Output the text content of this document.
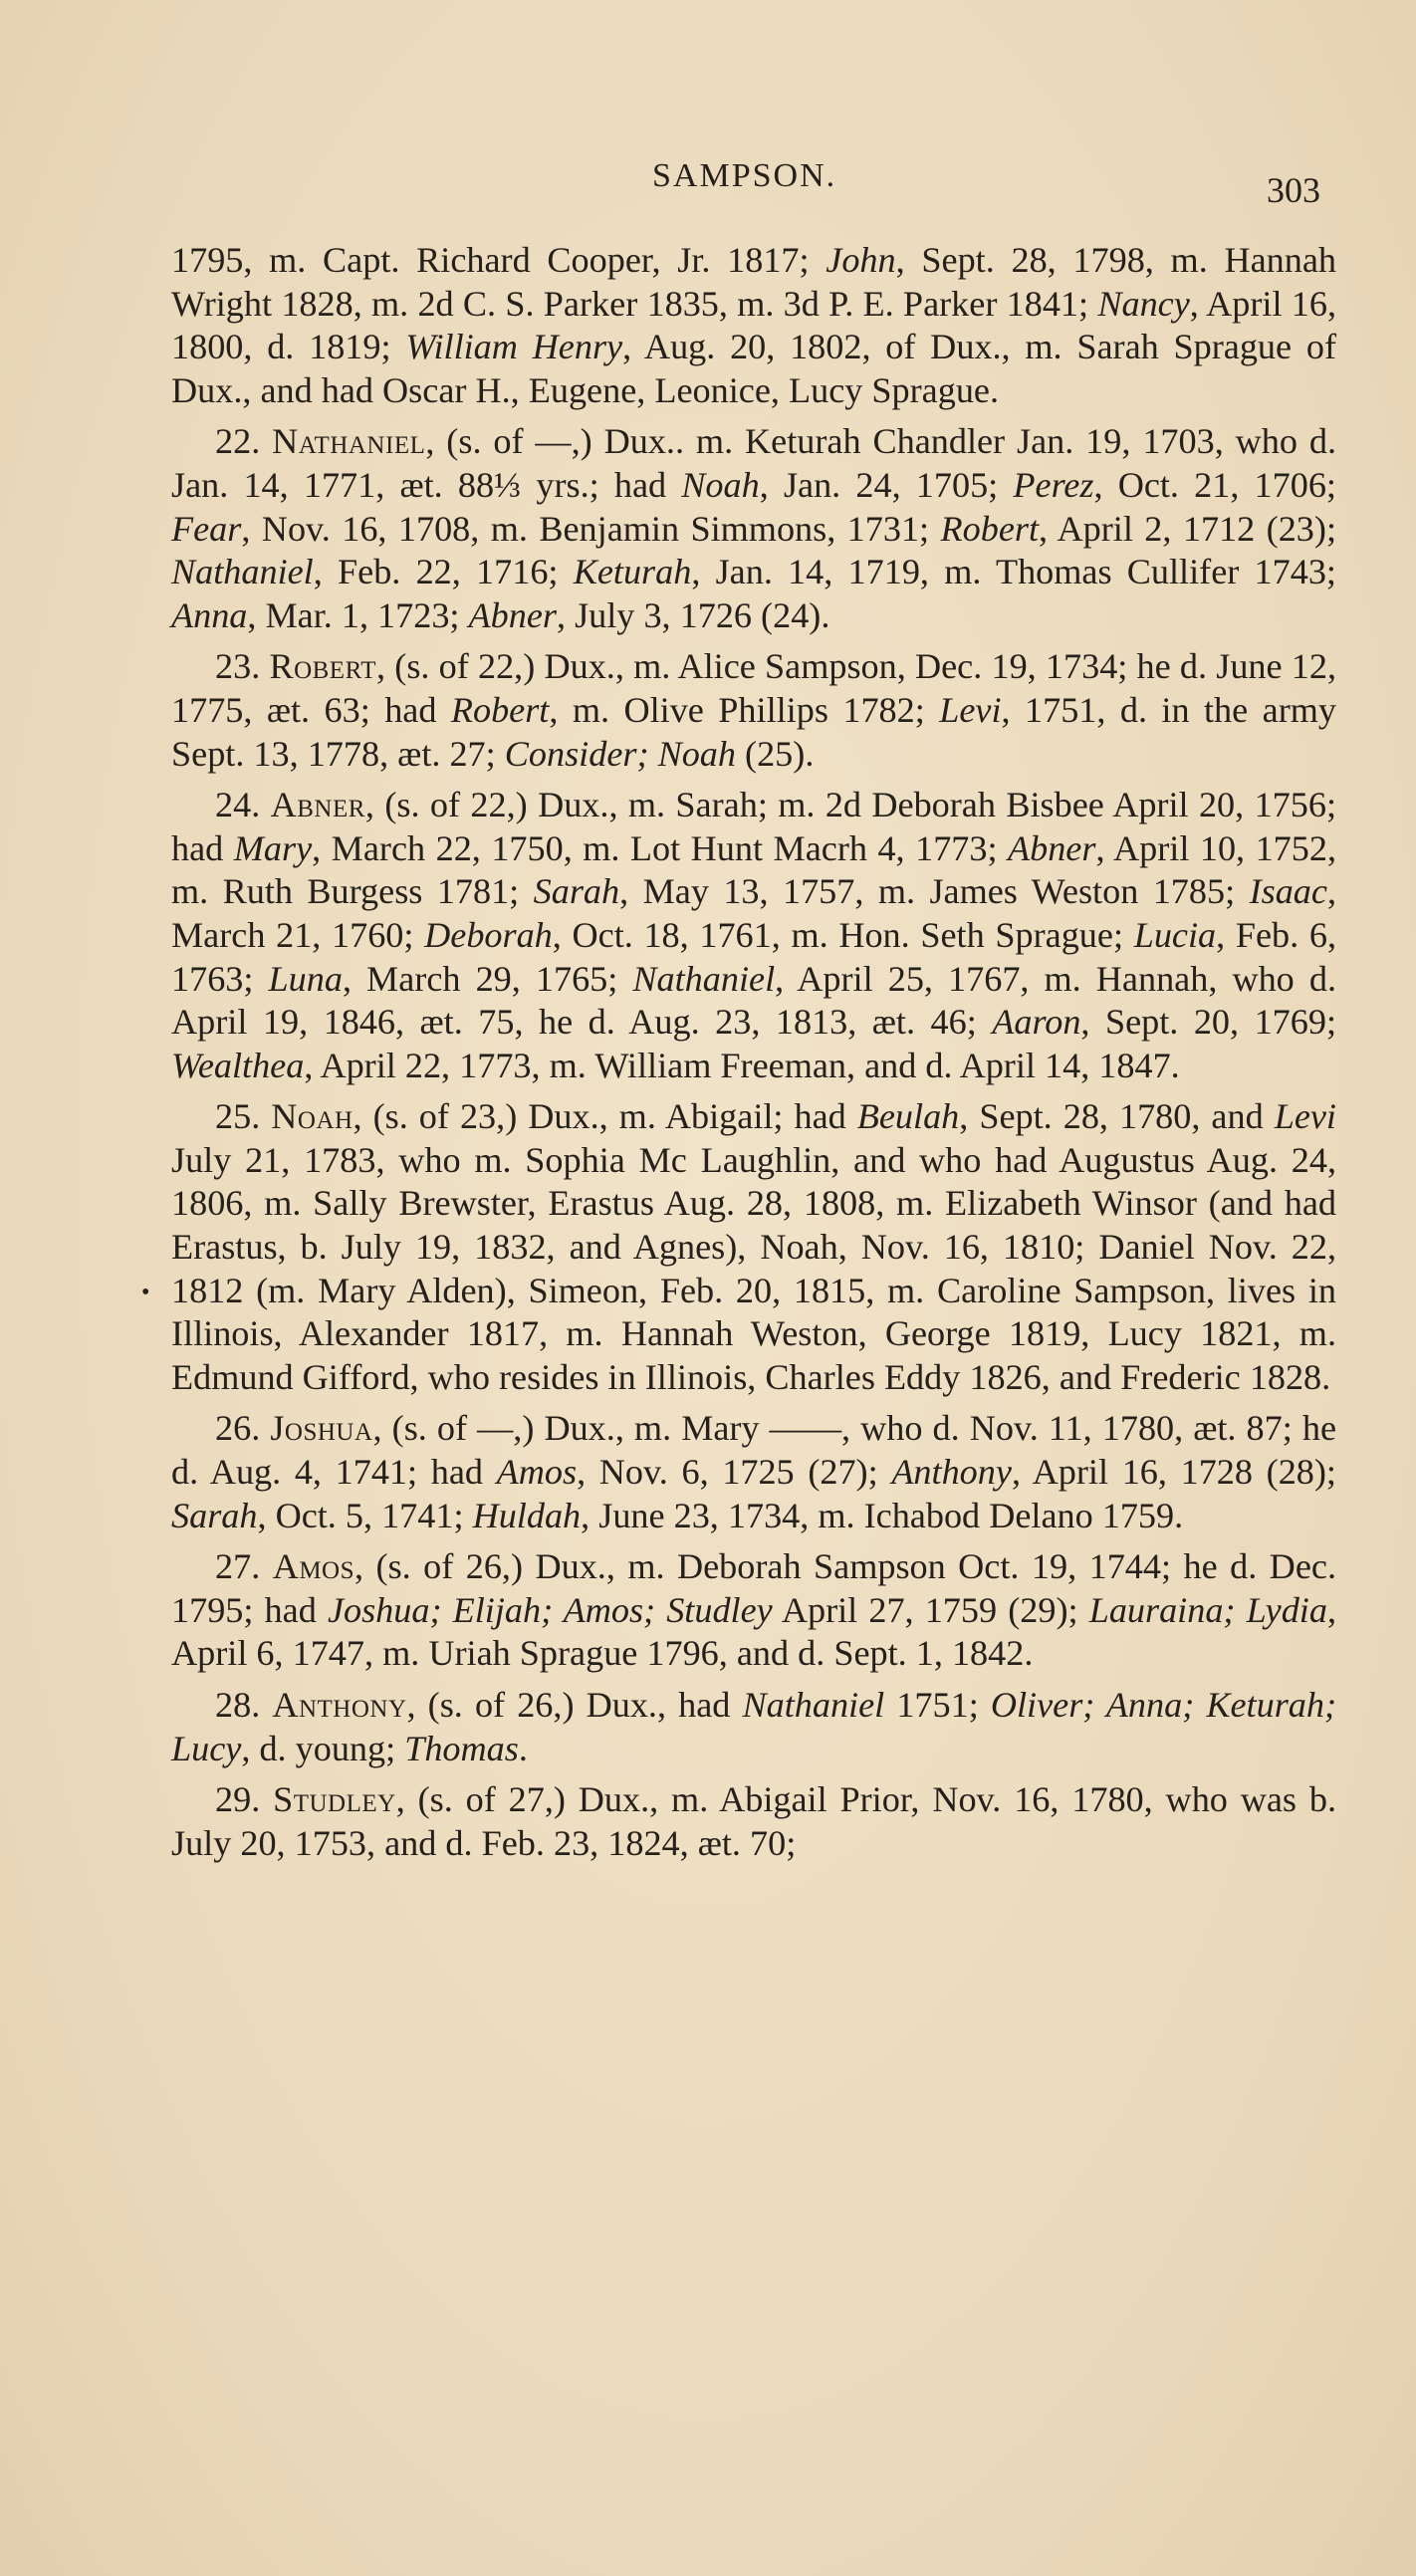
SAMPSON.	303
•

1795, m. Capt. Richard Cooper, Jr. 1817; John, Sept. 28, 1798, m. Hannah Wright 1828, m. 2d C. S. Parker 1835, m. 3d P. E. Parker 1841; Nancy, April 16, 1800, d. 1819; William Henry, Aug. 20, 1802, of Dux., m. Sarah Sprague of Dux., and had Oscar H., Eugene, Leonice, Lucy Sprague.

22. Nathaniel, (s. of —,) Dux.. m. Keturah Chandler Jan. 19, 1703, who d. Jan. 14, 1771, æt. 88⅓ yrs.; had Noah, Jan. 24, 1705; Perez, Oct. 21, 1706; Fear, Nov. 16, 1708, m. Benjamin Simmons, 1731; Robert, April 2, 1712 (23); Nathaniel, Feb. 22, 1716; Keturah, Jan. 14, 1719, m. Thomas Cullifer 1743; Anna, Mar. 1, 1723; Abner, July 3, 1726 (24).

23. Robert, (s. of 22,) Dux., m. Alice Sampson, Dec. 19, 1734; he d. June 12, 1775, æt. 63; had Robert, m. Olive Phillips 1782; Levi, 1751, d. in the army Sept. 13, 1778, æt. 27; Consider; Noah (25).

24. Abner, (s. of 22,) Dux., m. Sarah; m. 2d Deborah Bisbee April 20, 1756; had Mary, March 22, 1750, m. Lot Hunt Macrh 4, 1773; Abner, April 10, 1752, m. Ruth Burgess 1781; Sarah, May 13, 1757, m. James Weston 1785; Isaac, March 21, 1760; Deborah, Oct. 18, 1761, m. Hon. Seth Sprague; Lucia, Feb. 6, 1763; Luna, March 29, 1765; Nathaniel, April 25, 1767, m. Hannah, who d. April 19, 1846, æt. 75, he d. Aug. 23, 1813, æt. 46; Aaron, Sept. 20, 1769; Wealthea, April 22, 1773, m. William Freeman, and d. April 14, 1847.

25. Noah, (s. of 23,) Dux., m. Abigail; had Beulah, Sept. 28, 1780, and Levi July 21, 1783, who m. Sophia Mc Laughlin, and who had Augustus Aug. 24, 1806, m. Sally Brewster, Erastus Aug. 28, 1808, m. Elizabeth Winsor (and had Erastus, b. July 19, 1832, and Agnes), Noah, Nov. 16, 1810; Daniel Nov. 22, 1812 (m. Mary Alden), Simeon, Feb. 20, 1815, m. Caroline Sampson, lives in Illinois, Alexander 1817, m. Hannah Weston, George 1819, Lucy 1821, m. Edmund Gifford, who resides in Illinois, Charles Eddy 1826, and Frederic 1828.

26. Joshua, (s. of —,) Dux., m. Mary ——, who d. Nov. 11, 1780, æt. 87; he d. Aug. 4, 1741; had Amos, Nov. 6, 1725 (27); Anthony, April 16, 1728 (28); Sarah, Oct. 5, 1741; Huldah, June 23, 1734, m. Ichabod Delano 1759.

27. Amos, (s. of 26,) Dux., m. Deborah Sampson Oct. 19, 1744; he d. Dec. 1795; had Joshua; Elijah; Amos; Studley April 27, 1759 (29); Lauraina; Lydia, April 6, 1747, m. Uriah Sprague 1796, and d. Sept. 1, 1842.

28. Anthony, (s. of 26,) Dux., had Nathaniel 1751; Oliver; Anna; Keturah; Lucy, d. young; Thomas.

29. Studley, (s. of 27,) Dux., m. Abigail Prior, Nov. 16, 1780, who was b. July 20, 1753, and d. Feb. 23, 1824, æt. 70;
